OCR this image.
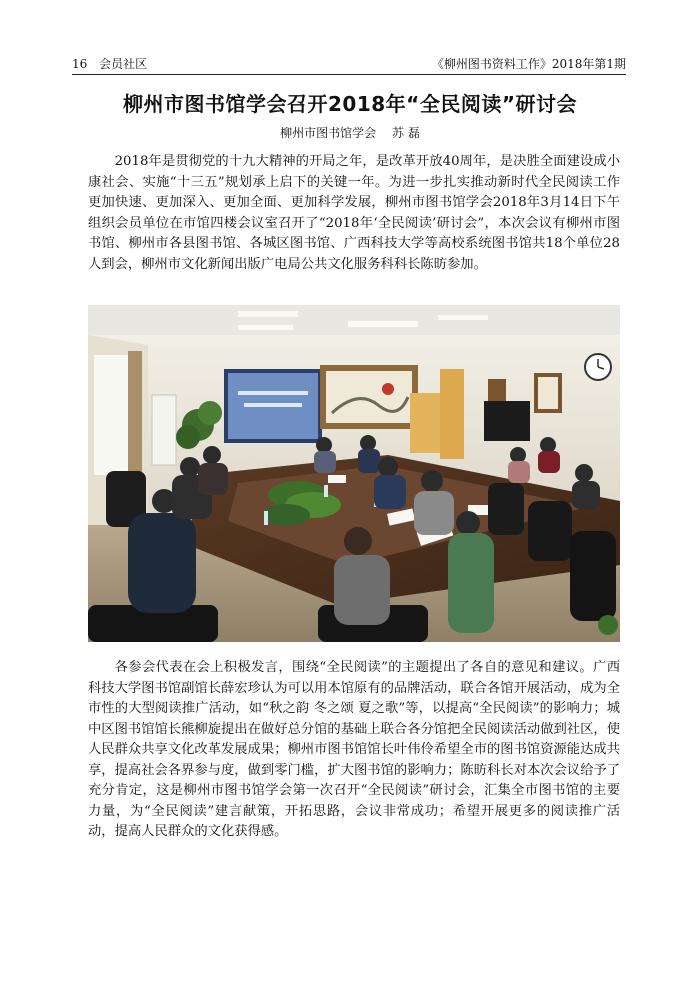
16 会员社区	《柳州图书资料工作》2018年第1期
柳州市图书馆学会召开2018年“全民阅读”研讨会
柳州市图书馆学会 苏 磊

2018年是贯彻党的十九大精神的开局之年，是改革开放40周年，是决胜全面建设成小康社会、实施“十三五”规划承上启下的关键一年。为进一步扎实推动新时代全民阅读工作更加快速、更加深入、更加全面、更加科学发展，柳州市图书馆学会2018年3月14日下午组织会员单位在市馆四楼会议室召开了“2018年‘全民阅读’研讨会”，本次会议有柳州市图书馆、柳州市各县图书馆、各城区图书馆、广西科技大学等高校系统图书馆共18个单位28人到会，柳州市文化新闻出版广电局公共文化服务科科长陈昉参加。

各参会代表在会上积极发言，围绕“全民阅读”的主题提出了各自的意见和建议。广西科技大学图书馆副馆长薛宏珍认为可以用本馆原有的品牌活动，联合各馆开展活动，成为全市性的大型阅读推广活动，如“秋之韵 冬之颂 夏之歌”等，以提高“全民阅读”的影响力；城中区图书馆馆长熊柳旋提出在做好总分馆的基础上联合各分馆把全民阅读活动做到社区，使人民群众共享文化改革发展成果；柳州市图书馆馆长叶伟伶希望全市的图书馆资源能达成共享，提高社会各界参与度，做到零门槛，扩大图书馆的影响力；陈昉科长对本次会议给予了充分肯定，这是柳州市图书馆学会第一次召开“全民阅读”研讨会，汇集全市图书馆的主要力量，为“全民阅读”建言献策，开拓思路，会议非常成功；希望开展更多的阅读推广活动，提高人民群众的文化获得感。
